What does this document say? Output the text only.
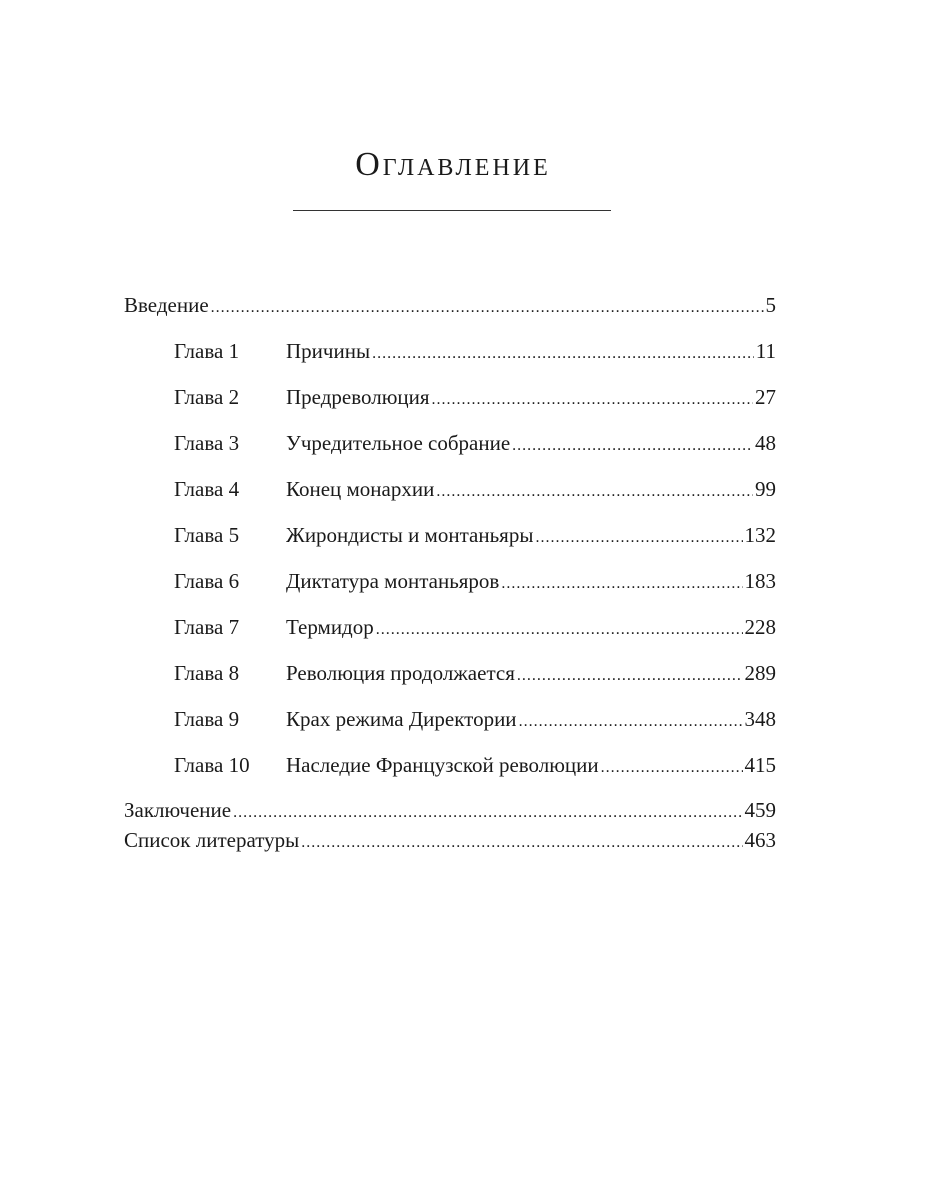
Оглавление
Введение .....	5
Глава 1	Причины .....	11
Глава 2	Предреволюция .....	27
Глава 3	Учредительное собрание .....	48
Глава 4	Конец монархии .....	99
Глава 5	Жирондисты и монтаньяры .....	132
Глава 6	Диктатура монтаньяров .....	183
Глава 7	Термидор .....	228
Глава 8	Революция продолжается .....	289
Глава 9	Крах режима Директории .....	348
Глава 10	Наследие Французской революции .....	415
Заключение .....	459
Список литературы .....	463
